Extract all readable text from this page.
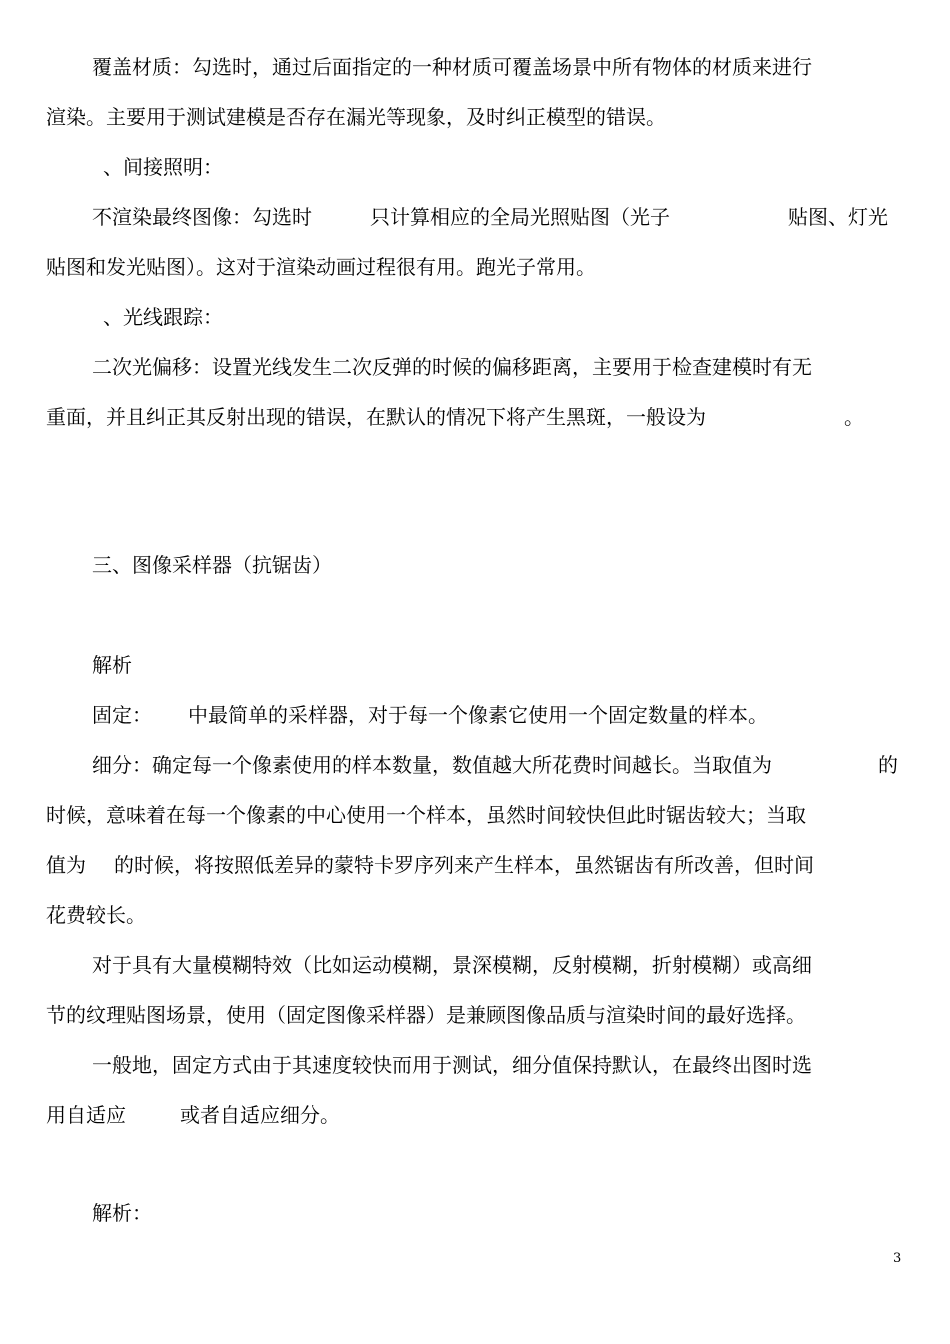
覆盖材质：勾选时，通过后面指定的一种材质可覆盖场景中所有物体的材质来进行
渲染。主要用于测试建模是否存在漏光等现象，及时纠正模型的错误。
、间接照明：
不渲染最终图像：勾选时	只计算相应的全局光照贴图（光子	贴图、灯光
贴图和发光贴图）。这对于渲染动画过程很有用。跑光子常用。
、光线跟踪：
二次光偏移：设置光线发生二次反弹的时候的偏移距离，主要用于检查建模时有无
重面，并且纠正其反射出现的错误，在默认的情况下将产生黑斑，一般设为	。
三、图像采样器（抗锯齿）
解析
固定： 中最简单的采样器，对于每一个像素它使用一个固定数量的样本。
细分：确定每一个像素使用的样本数量，数值越大所花费时间越长。当取值为	的
时候，意味着在每一个像素的中心使用一个样本，虽然时间较快但此时锯齿较大；当取
值为 的时候，将按照低差异的蒙特卡罗序列来产生样本，虽然锯齿有所改善，但时间
花费较长。
对于具有大量模糊特效（比如运动模糊，景深模糊，反射模糊，折射模糊）或高细
节的纹理贴图场景，使用（固定图像采样器）是兼顾图像品质与渲染时间的最好选择。
一般地，固定方式由于其速度较快而用于测试，细分值保持默认，在最终出图时选
用自适应	或者自适应细分。
解析：
3
